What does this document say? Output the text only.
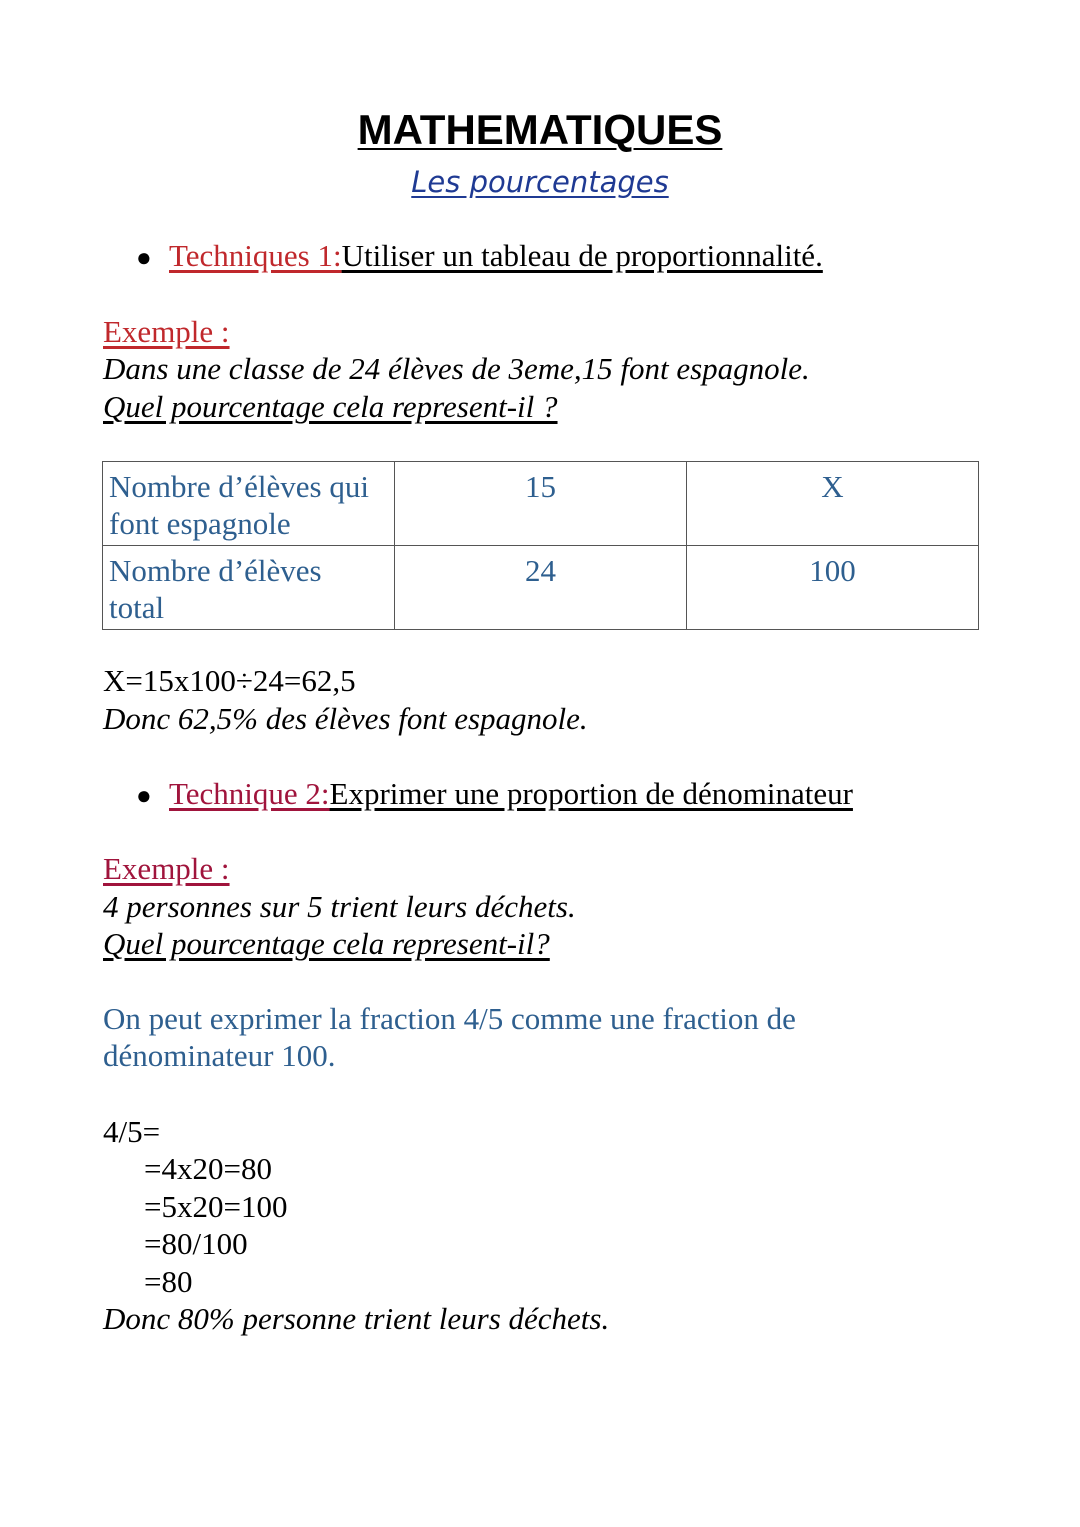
MATHEMATIQUES
Les pourcentages
● Techniques 1:Utiliser un tableau de proportionnalité.
Exemple :
Dans une classe de 24 élèves de 3eme,15 font espagnole.
Quel pourcentage cela represent-il ?
Nombre d’élèves qui
font espagnole	15	X
Nombre d’élèves
total	24	100
X=15x100÷24=62,5
Donc 62,5% des élèves font espagnole.
● Technique 2:Exprimer une proportion de dénominateur
Exemple :
4 personnes sur 5 trient leurs déchets.
Quel pourcentage cela represent-il?
On peut exprimer la fraction 4/5 comme une fraction de
dénominateur 100.
4/5=
=4x20=80
=5x20=100
=80/100
=80
Donc 80% personne trient leurs déchets.
